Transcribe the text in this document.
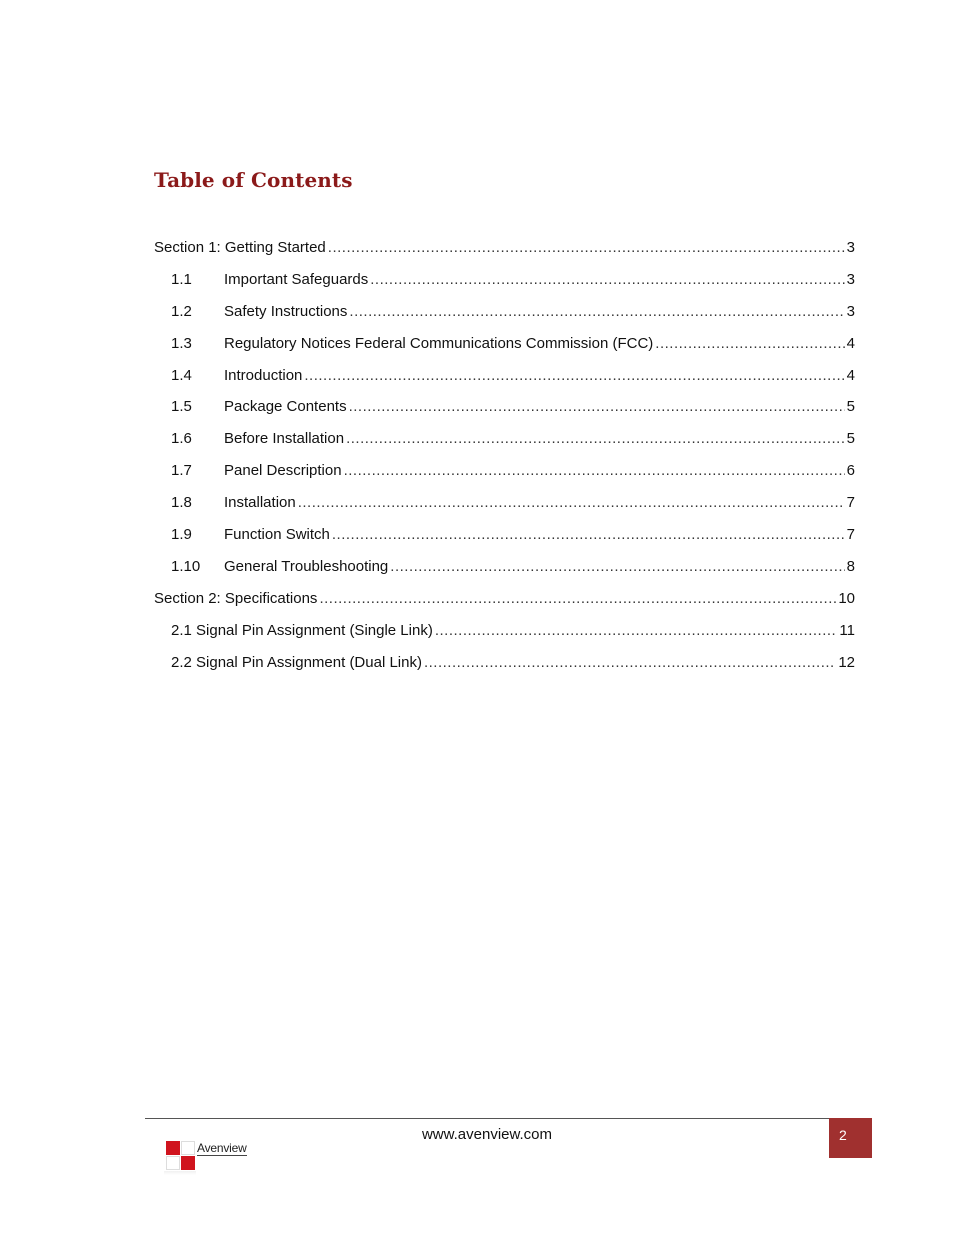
Table of Contents
Section 1: Getting Started .....	3
1.1	Important Safeguards .....	3
1.2	Safety Instructions .....	3
1.3	Regulatory Notices Federal Communications Commission (FCC) .....	4
1.4	Introduction .....	4
1.5	Package Contents .....	5
1.6	Before Installation .....	5
1.7	Panel Description .....	6
1.8	Installation .....	7
1.9	Function Switch .....	7
1.10	General Troubleshooting .....	8
Section 2: Specifications .....	10
2.1 Signal Pin Assignment (Single Link) .....	11
2.2 Signal Pin Assignment (Dual Link) .....	12
www.avenview.com	2
Avenview
